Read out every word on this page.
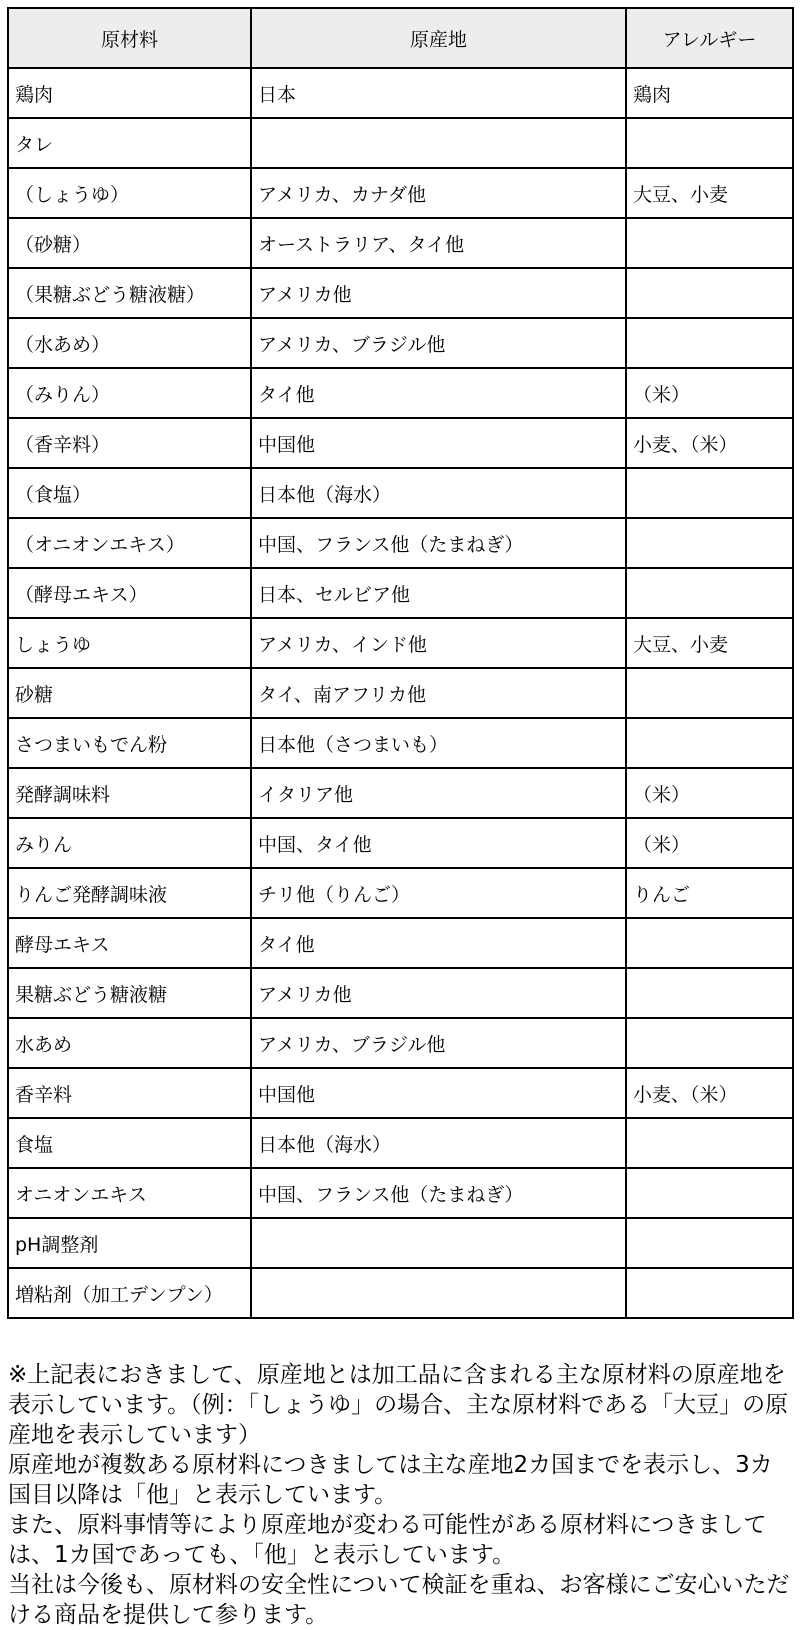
原材料	原産地	アレルギー
鶏肉	日本	鶏肉
タレ		
（しょうゆ）	アメリカ、カナダ他	大豆、小麦
（砂糖）	オーストラリア、タイ他	
（果糖ぶどう糖液糖）	アメリカ他	
（水あめ）	アメリカ、ブラジル他	
（みりん）	タイ他	（米）
（香辛料）	中国他	小麦、（米）
（食塩）	日本他（海水）	
（オニオンエキス）	中国、フランス他（たまねぎ）	
（酵母エキス）	日本、セルビア他	
しょうゆ	アメリカ、インド他	大豆、小麦
砂糖	タイ、南アフリカ他	
さつまいもでん粉	日本他（さつまいも）	
発酵調味料	イタリア他	（米）
みりん	中国、タイ他	（米）
りんご発酵調味液	チリ他（りんご）	りんご
酵母エキス	タイ他	
果糖ぶどう糖液糖	アメリカ他	
水あめ	アメリカ、ブラジル他	
香辛料	中国他	小麦、（米）
食塩	日本他（海水）	
オニオンエキス	中国、フランス他（たまねぎ）	
pH調整剤		
増粘剤（加工デンプン）		

※上記表におきまして、原産地とは加工品に含まれる主な原材料の原産地を表示しています。（例：「しょうゆ」の場合、主な原材料である「大豆」の原産地を表示しています）

原産地が複数ある原材料につきましては主な産地2カ国までを表示し、3カ国目以降は「他」と表示しています。

また、原料事情等により原産地が変わる可能性がある原材料につきましては、1カ国であっても、「他」と表示しています。

当社は今後も、原材料の安全性について検証を重ね、お客様にご安心いただける商品を提供して参ります。
